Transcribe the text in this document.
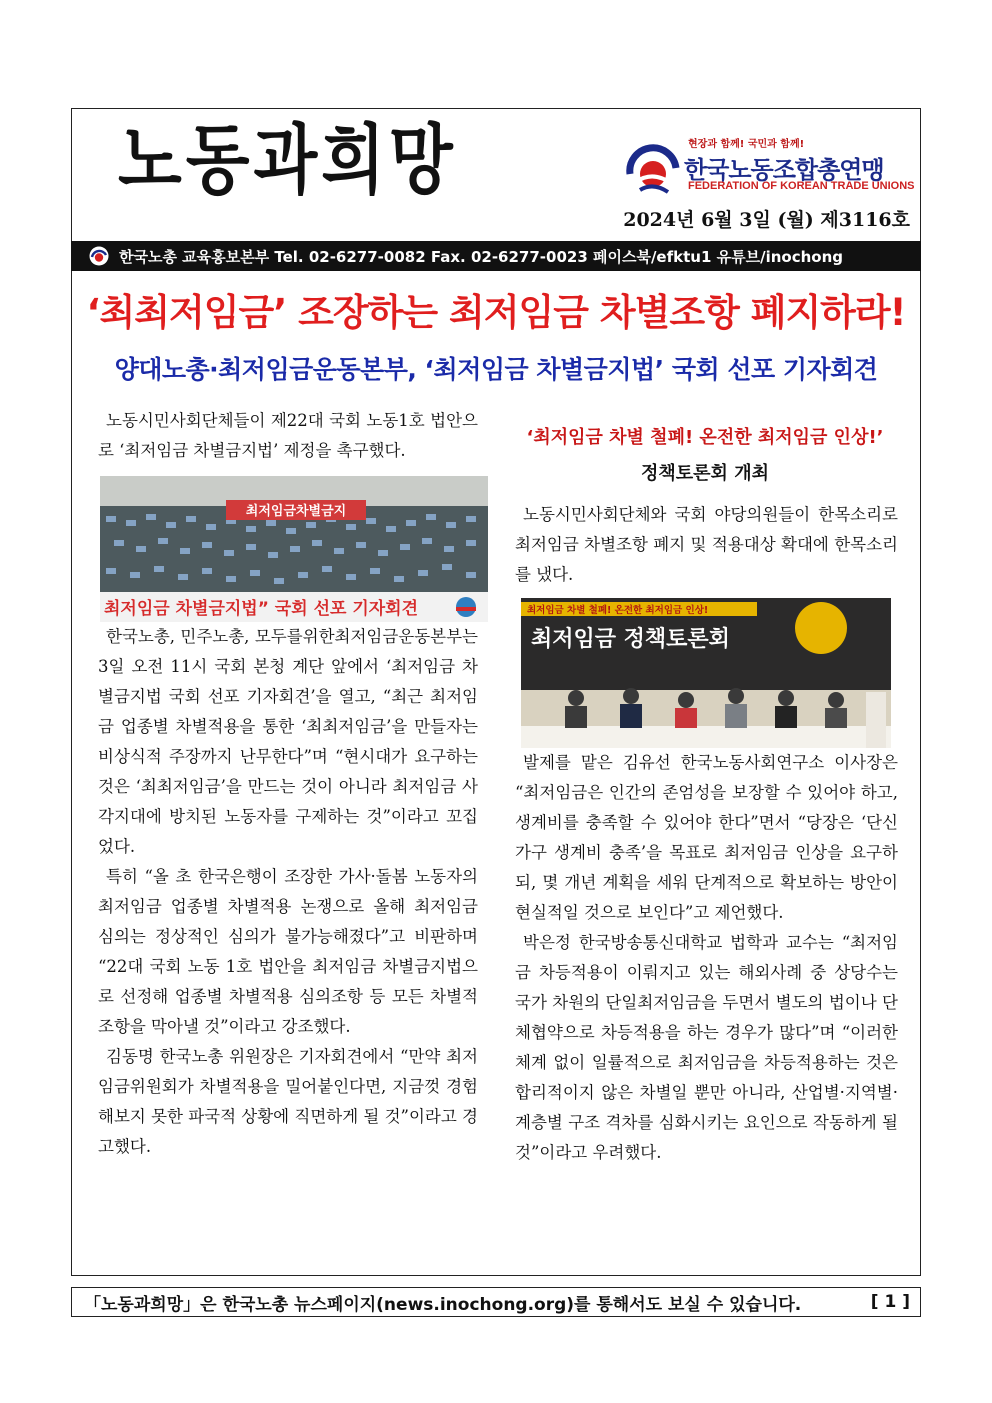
노동과희망	현장과 함께! 국민과 함께!
한국노동조합총연맹
FEDERATION OF KOREAN TRADE UNIONS
2024년 6월 3일 (월) 제3116호
한국노총 교육홍보본부 Tel. 02-6277-0082 Fax. 02-6277-0023 페이스북/efktu1 유튜브/inochong
‘최최저임금’ 조장하는 최저임금 차별조항 폐지하라!
양대노총·최저임금운동본부, ‘최저임금 차별금지법’ 국회 선포 기자회견

노동시민사회단체들이 제22대 국회 노동1호 법안으로 ‘최저임금 차별금지법’ 제정을 촉구했다.

한국노총, 민주노총, 모두를위한최저임금운동본부는 3일 오전 11시 국회 본청 계단 앞에서 ‘최저임금 차별금지법 국회 선포 기자회견’을 열고, “최근 최저임금 업종별 차별적용을 통한 ‘최최저임금’을 만들자는 비상식적 주장까지 난무한다”며 “현시대가 요구하는 것은 ‘최최저임금’을 만드는 것이 아니라 최저임금 사각지대에 방치된 노동자를 구제하는 것”이라고 꼬집었다.

특히 “올 초 한국은행이 조장한 가사·돌봄 노동자의 최저임금 업종별 차별적용 논쟁으로 올해 최저임금 심의는 정상적인 심의가 불가능해졌다”고 비판하며 “22대 국회 노동 1호 법안을 최저임금 차별금지법으로 선정해 업종별 차별적용 심의조항 등 모든 차별적 조항을 막아낼 것”이라고 강조했다.

김동명 한국노총 위원장은 기자회견에서 “만약 최저임금위원회가 차별적용을 밀어붙인다면, 지금껏 경험해보지 못한 파국적 상황에 직면하게 될 것”이라고 경고했다.

최저임금차별금지
최저임금 차별금지법” 국회 선포 기자회견
‘최저임금 차별 철폐! 온전한 최저임금 인상!’
정책토론회 개최

노동시민사회단체와 국회 야당의원들이 한목소리로 최저임금 차별조항 폐지 및 적용대상 확대에 한목소리를 냈다.

발제를 맡은 김유선 한국노동사회연구소 이사장은 “최저임금은 인간의 존엄성을 보장할 수 있어야 하고, 생계비를 충족할 수 있어야 한다”면서 “당장은 ‘단신 가구 생계비 충족’을 목표로 최저임금 인상을 요구하되, 몇 개년 계획을 세워 단계적으로 확보하는 방안이 현실적일 것으로 보인다”고 제언했다.

박은정 한국방송통신대학교 법학과 교수는 “최저임금 차등적용이 이뤄지고 있는 해외사례 중 상당수는 국가 차원의 단일최저임금을 두면서 별도의 법이나 단체협약으로 차등적용을 하는 경우가 많다”며 “이러한 체계 없이 일률적으로 최저임금을 차등적용하는 것은 합리적이지 않은 차별일 뿐만 아니라, 산업별·지역별·계층별 구조 격차를 심화시키는 요인으로 작동하게 될 것”이라고 우려했다.

최저임금 차별 철폐! 온전한 최저임금 인상!
최저임금 정책토론회
「노동과희망」은 한국노총 뉴스페이지(news.inochong.org)를 통해서도 보실 수 있습니다.	[ 1 ]
